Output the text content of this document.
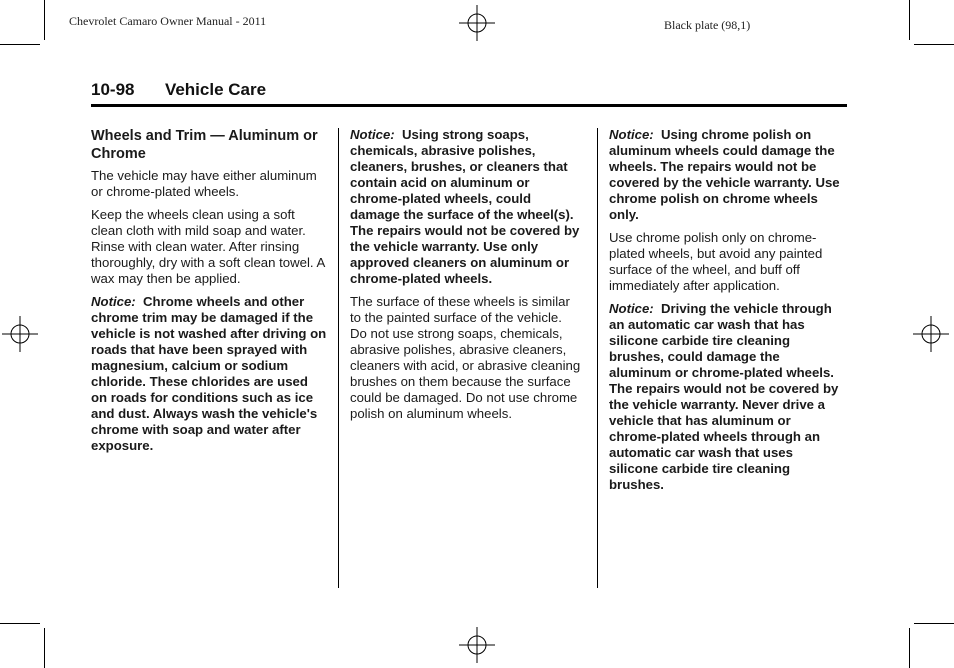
Chevrolet Camaro Owner Manual - 2011	Black plate (98,1)
10-98 Vehicle Care

Wheels and Trim — Aluminum or Chrome

The vehicle may have either aluminum or chrome-plated wheels.

Keep the wheels clean using a soft clean cloth with mild soap and water. Rinse with clean water. After rinsing thoroughly, dry with a soft clean towel. A wax may then be applied.

Notice: Chrome wheels and other chrome trim may be damaged if the vehicle is not washed after driving on roads that have been sprayed with magnesium, calcium or sodium chloride. These chlorides are used on roads for conditions such as ice and dust. Always wash the vehicle's chrome with soap and water after exposure.

Notice: Using strong soaps, chemicals, abrasive polishes, cleaners, brushes, or cleaners that contain acid on aluminum or chrome-plated wheels, could damage the surface of the wheel(s). The repairs would not be covered by the vehicle warranty. Use only approved cleaners on aluminum or chrome-plated wheels.

The surface of these wheels is similar to the painted surface of the vehicle. Do not use strong soaps, chemicals, abrasive polishes, abrasive cleaners, cleaners with acid, or abrasive cleaning brushes on them because the surface could be damaged. Do not use chrome polish on aluminum wheels.

Notice: Using chrome polish on aluminum wheels could damage the wheels. The repairs would not be covered by the vehicle warranty. Use chrome polish on chrome wheels only.

Use chrome polish only on chrome-plated wheels, but avoid any painted surface of the wheel, and buff off immediately after application.

Notice: Driving the vehicle through an automatic car wash that has silicone carbide tire cleaning brushes, could damage the aluminum or chrome-plated wheels. The repairs would not be covered by the vehicle warranty. Never drive a vehicle that has aluminum or chrome-plated wheels through an automatic car wash that uses silicone carbide tire cleaning brushes.
